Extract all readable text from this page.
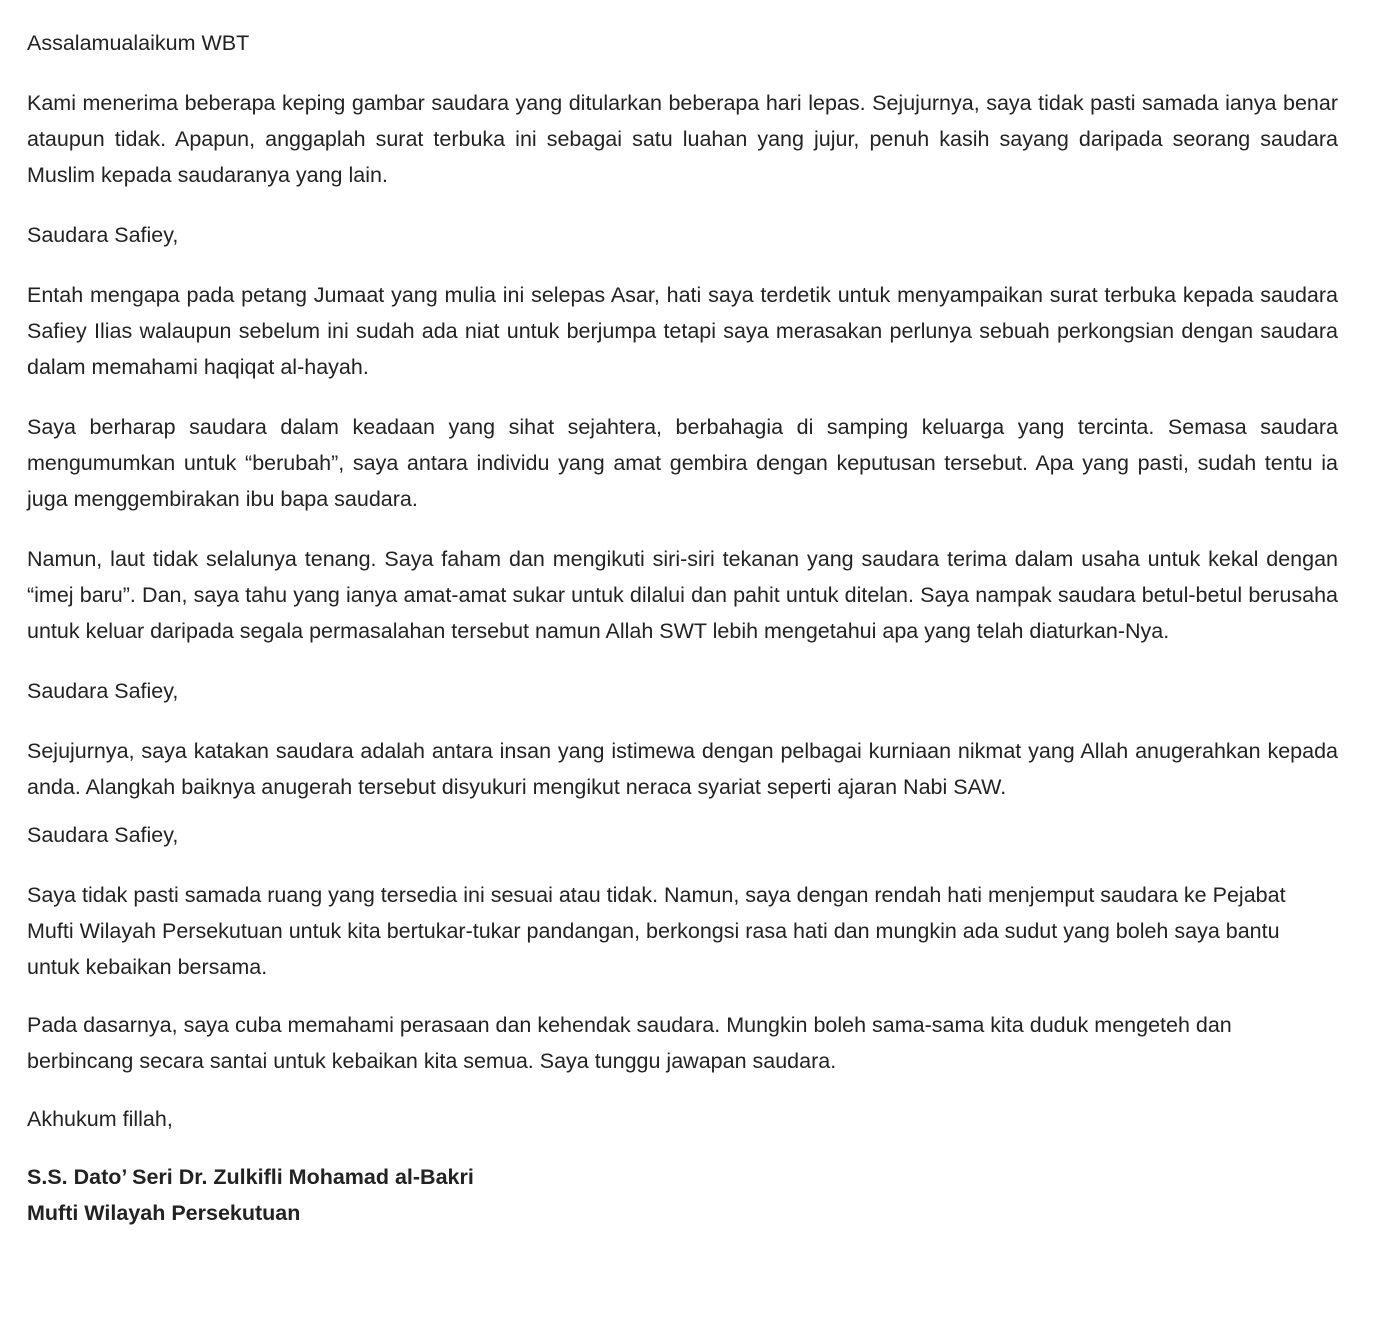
Assalamualaikum WBT

Kami menerima beberapa keping gambar saudara yang ditularkan beberapa hari lepas. Sejujurnya, saya tidak pasti samada ianya benar ataupun tidak. Apapun, anggaplah surat terbuka ini sebagai satu luahan yang jujur, penuh kasih sayang daripada seorang saudara Muslim kepada saudaranya yang lain.

Saudara Safiey,

Entah mengapa pada petang Jumaat yang mulia ini selepas Asar, hati saya terdetik untuk menyampaikan surat terbuka kepada saudara Safiey Ilias walaupun sebelum ini sudah ada niat untuk berjumpa tetapi saya merasakan perlunya sebuah perkongsian dengan saudara dalam memahami haqiqat al-hayah.

Saya berharap saudara dalam keadaan yang sihat sejahtera, berbahagia di samping keluarga yang tercinta. Semasa saudara mengumumkan untuk “berubah”, saya antara individu yang amat gembira dengan keputusan tersebut. Apa yang pasti, sudah tentu ia juga menggembirakan ibu bapa saudara.

Namun, laut tidak selalunya tenang. Saya faham dan mengikuti siri-siri tekanan yang saudara terima dalam usaha untuk kekal dengan “imej baru”. Dan, saya tahu yang ianya amat-amat sukar untuk dilalui dan pahit untuk ditelan. Saya nampak saudara betul-betul berusaha untuk keluar daripada segala permasalahan tersebut namun Allah SWT lebih mengetahui apa yang telah diaturkan-Nya.

Saudara Safiey,

Sejujurnya, saya katakan saudara adalah antara insan yang istimewa dengan pelbagai kurniaan nikmat yang Allah anugerahkan kepada anda. Alangkah baiknya anugerah tersebut disyukuri mengikut neraca syariat seperti ajaran Nabi SAW.

Saudara Safiey,

Saya tidak pasti samada ruang yang tersedia ini sesuai atau tidak. Namun, saya dengan rendah hati menjemput saudara ke Pejabat Mufti Wilayah Persekutuan untuk kita bertukar-tukar pandangan, berkongsi rasa hati dan mungkin ada sudut yang boleh saya bantu untuk kebaikan bersama.

Pada dasarnya, saya cuba memahami perasaan dan kehendak saudara. Mungkin boleh sama-sama kita duduk mengeteh dan berbincang secara santai untuk kebaikan kita semua. Saya tunggu jawapan saudara.

Akhukum fillah,

S.S. Dato’ Seri Dr. Zulkifli Mohamad al-Bakri
Mufti Wilayah Persekutuan
